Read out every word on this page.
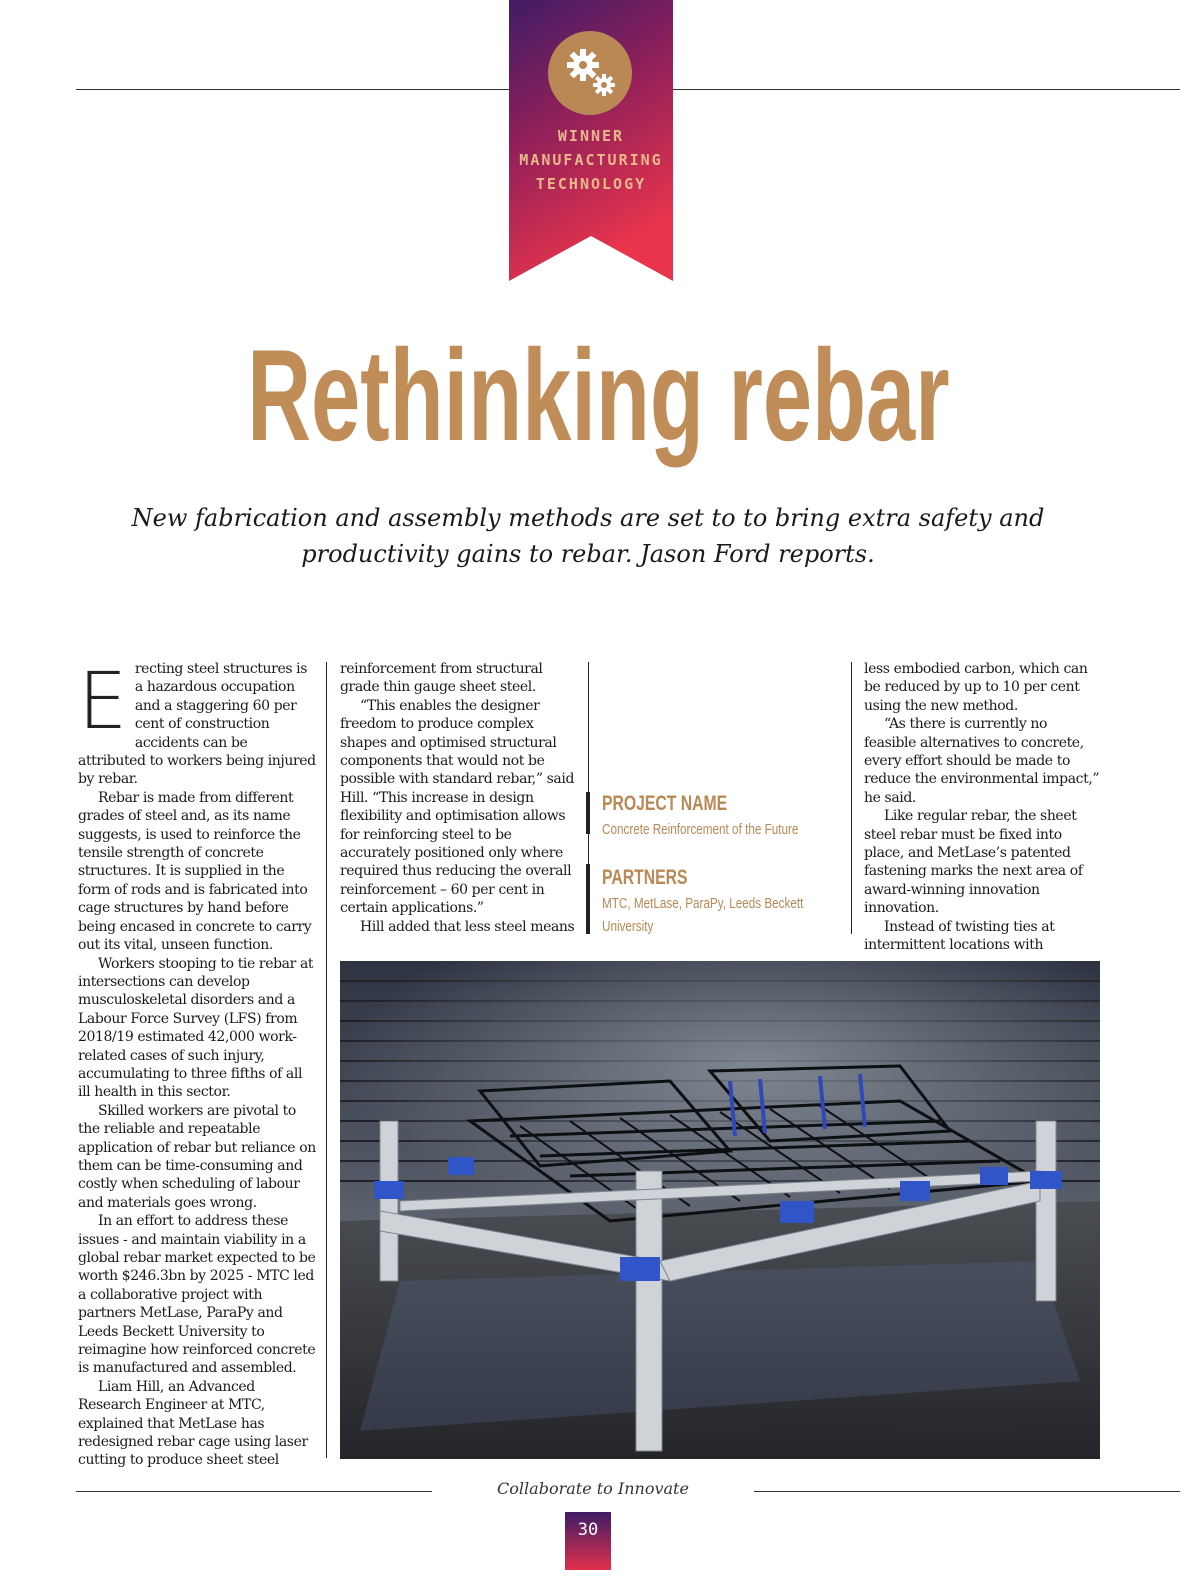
WINNER
MANUFACTURING
TECHNOLOGY
Rethinking rebar
New fabrication and assembly methods are set to to bring extra safety and productivity gains to rebar. Jason Ford reports.

Erecting steel structures is a hazardous occupation and a staggering 60 per cent of construction accidents can be attributed to workers being injured by rebar.

Rebar is made from different grades of steel and, as its name suggests, is used to reinforce the tensile strength of concrete structures. It is supplied in the form of rods and is fabricated into cage structures by hand before being encased in concrete to carry out its vital, unseen function.

Workers stooping to tie rebar at intersections can develop musculoskeletal disorders and a Labour Force Survey (LFS) from 2018/19 estimated 42,000 work-related cases of such injury, accumulating to three fifths of all ill health in this sector.

Skilled workers are pivotal to the reliable and repeatable application of rebar but reliance on them can be time-consuming and costly when scheduling of labour and materials goes wrong.

In an effort to address these issues - and maintain viability in a global rebar market expected to be worth $246.3bn by 2025 - MTC led a collaborative project with partners MetLase, ParaPy and Leeds Beckett University to reimagine how reinforced concrete is manufactured and assembled.

Liam Hill, an Advanced Research Engineer at MTC, explained that MetLase has redesigned rebar cage using laser cutting to produce sheet steel

reinforcement from structural grade thin gauge sheet steel.

“This enables the designer freedom to produce complex shapes and optimised structural components that would not be possible with standard rebar,” said Hill. “This increase in design flexibility and optimisation allows for reinforcing steel to be accurately positioned only where required thus reducing the overall reinforcement – 60 per cent in certain applications.”

Hill added that less steel means

PROJECT NAME
Concrete Reinforcement of the Future
PARTNERS
MTC, MetLase, ParaPy, Leeds Beckett University

less embodied carbon, which can be reduced by up to 10 per cent using the new method.

“As there is currently no feasible alternatives to concrete, every effort should be made to reduce the environmental impact,” he said.

Like regular rebar, the sheet steel rebar must be fixed into place, and MetLase’s patented fastening marks the next area of award-winning innovation innovation.

Instead of twisting ties at intermittent locations with

Collaborate to Innovate
30
